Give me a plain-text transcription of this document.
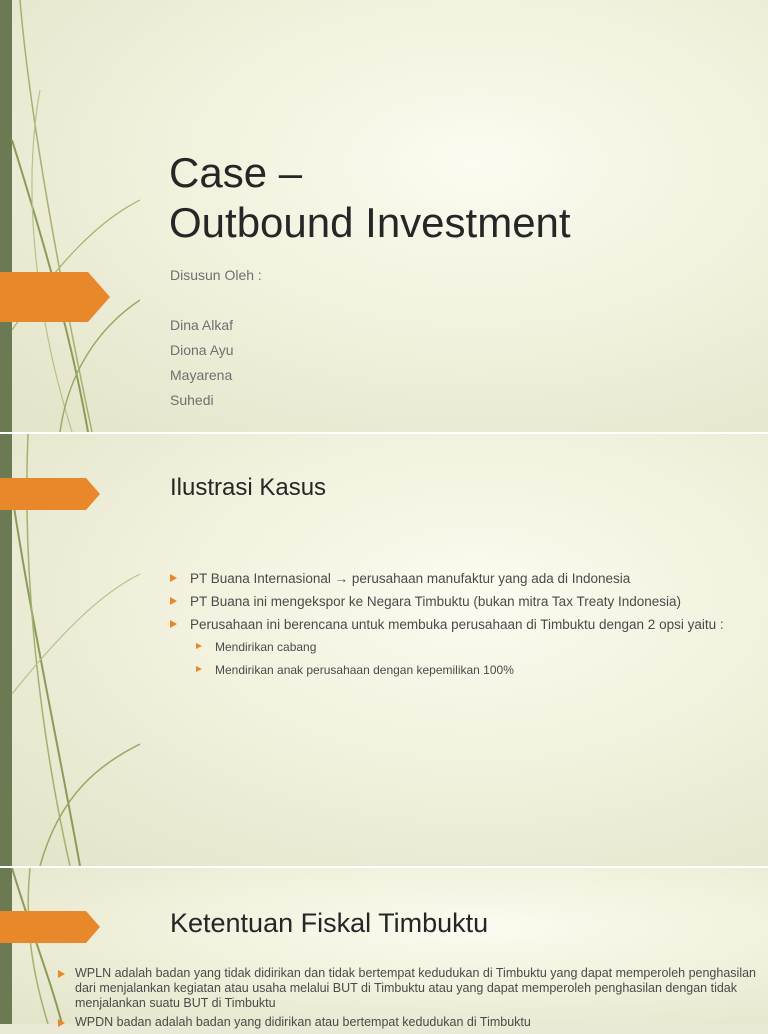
Case –
Outbound Investment
Disusun Oleh :
Dina Alkaf
Diona Ayu
Mayarena
Suhedi
Ilustrasi Kasus
PT Buana Internasional → perusahaan manufaktur yang ada di Indonesia
PT Buana ini mengekspor ke Negara Timbuktu (bukan mitra Tax Treaty Indonesia)
Perusahaan ini berencana untuk membuka perusahaan di Timbuktu dengan 2 opsi yaitu :
Mendirikan cabang
Mendirikan anak perusahaan dengan kepemilikan 100%
Ketentuan Fiskal Timbuktu
WPLN adalah badan yang tidak didirikan dan tidak bertempat kedudukan di Timbuktu yang dapat memperoleh penghasilan dari menjalankan kegiatan atau usaha melalui BUT di Timbuktu atau yang dapat memperoleh penghasilan dengan tidak menjalankan suatu BUT di Timbuktu
WPDN badan adalah badan yang didirikan atau bertempat kedudukan di Timbuktu
